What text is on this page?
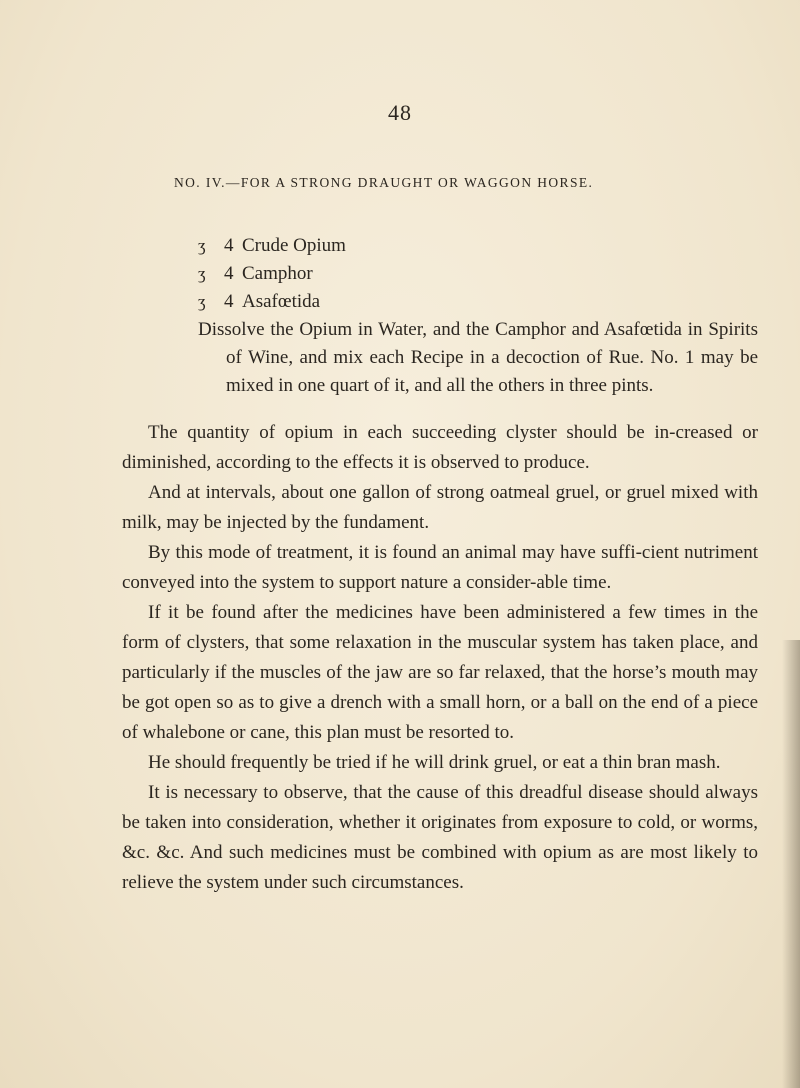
48
NO. IV.—FOR A STRONG DRAUGHT OR WAGGON HORSE.
ʒ 4 Crude Opium
ʒ 4 Camphor
ʒ 4 Asafœtida
Dissolve the Opium in Water, and the Camphor and Asafœtida in Spirits of Wine, and mix each Recipe in a decoction of Rue. No. 1 may be mixed in one quart of it, and all the others in three pints.

The quantity of opium in each succeeding clyster should be in-creased or diminished, according to the effects it is observed to produce.

And at intervals, about one gallon of strong oatmeal gruel, or gruel mixed with milk, may be injected by the fundament.

By this mode of treatment, it is found an animal may have suffi-cient nutriment conveyed into the system to support nature a consider-able time.

If it be found after the medicines have been administered a few times in the form of clysters, that some relaxation in the muscular system has taken place, and particularly if the muscles of the jaw are so far relaxed, that the horse’s mouth may be got open so as to give a drench with a small horn, or a ball on the end of a piece of whalebone or cane, this plan must be resorted to.

He should frequently be tried if he will drink gruel, or eat a thin bran mash.

It is necessary to observe, that the cause of this dreadful disease should always be taken into consideration, whether it originates from exposure to cold, or worms, &c. &c. And such medicines must be combined with opium as are most likely to relieve the system under such circumstances.
